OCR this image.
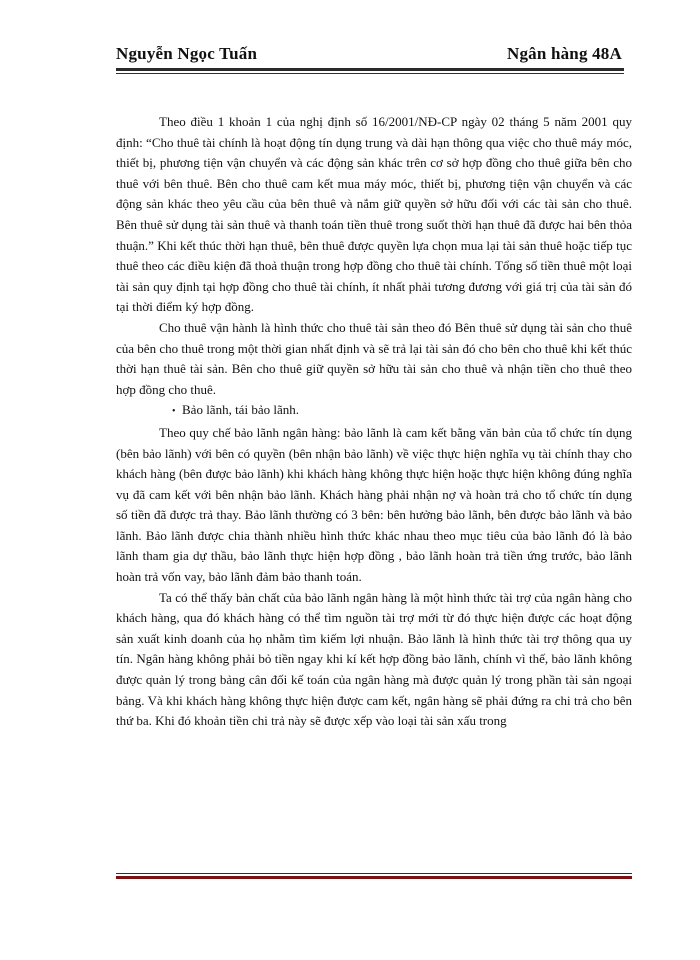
Nguyễn Ngọc Tuấn	Ngân hàng 48A

Theo điều 1 khoản 1 của nghị định số 16/2001/NĐ-CP ngày 02 tháng 5 năm 2001 quy định: “Cho thuê tài chính là hoạt động tín dụng trung và dài hạn thông qua việc cho thuê máy móc, thiết bị, phương tiện vận chuyển và các động sản khác trên cơ sở hợp đồng cho thuê giữa bên cho thuê với bên thuê. Bên cho thuê cam kết mua máy móc, thiết bị, phương tiện vận chuyển và các động sản khác theo yêu cầu của bên thuê và nắm giữ quyền sở hữu đối với các tài sản cho thuê. Bên thuê sử dụng tài sản thuê và thanh toán tiền thuê trong suốt thời hạn thuê đã được hai bên thỏa thuận.” Khi kết thúc thời hạn thuê, bên thuê được quyền lựa chọn mua lại tài sản thuê hoặc tiếp tục thuê theo các điều kiện đã thoả thuận trong hợp đồng cho thuê tài chính. Tổng số tiền thuê một loại tài sản quy định tại hợp đồng cho thuê tài chính, ít nhất phải tương đương với giá trị của tài sản đó tại thời điểm ký hợp đồng.

Cho thuê vận hành là hình thức cho thuê tài sản theo đó Bên thuê sử dụng tài sản cho thuê của bên cho thuê trong một thời gian nhất định và sẽ trả lại tài sản đó cho bên cho thuê khi kết thúc thời hạn thuê tài sản. Bên cho thuê giữ quyền sở hữu tài sản cho thuê và nhận tiền cho thuê theo hợp đồng cho thuê.

• Bảo lãnh, tái bảo lãnh.

Theo quy chế bảo lãnh ngân hàng: bảo lãnh là cam kết bằng văn bản của tổ chức tín dụng (bên bảo lãnh) với bên có quyền (bên nhận bảo lãnh) về việc thực hiện nghĩa vụ tài chính thay cho khách hàng (bên được bảo lãnh) khi khách hàng không thực hiện hoặc thực hiện không đúng nghĩa vụ đã cam kết với bên nhận bảo lãnh. Khách hàng phải nhận nợ và hoàn trả cho tổ chức tín dụng số tiền đã được trả thay. Bảo lãnh thường có 3 bên: bên hưởng bảo lãnh, bên được bảo lãnh và bảo lãnh. Bảo lãnh được chia thành nhiều hình thức khác nhau theo mục tiêu của bảo lãnh đó là bảo lãnh tham gia dự thầu, bảo lãnh thực hiện hợp đồng , bảo lãnh hoàn trả tiền ứng trước, bảo lãnh hoàn trả vốn vay, bảo lãnh đảm bảo thanh toán.

Ta có thể thấy bản chất của bảo lãnh ngân hàng là một hình thức tài trợ của ngân hàng cho khách hàng, qua đó khách hàng có thể tìm nguồn tài trợ mới từ đó thực hiện được các hoạt động sản xuất kinh doanh của họ nhằm tìm kiếm lợi nhuận. Bảo lãnh là hình thức tài trợ thông qua uy tín. Ngân hàng không phải bỏ tiền ngay khi kí kết hợp đồng bảo lãnh, chính vì thế, bảo lãnh không được quản lý trong bảng cân đối kế toán của ngân hàng mà được quản lý trong phần tài sản ngoại bảng. Và khi khách hàng không thực hiện được cam kết, ngân hàng sẽ phải đứng ra chi trả cho bên thứ ba. Khi đó khoản tiền chi trả này sẽ được xếp vào loại tài sản xấu trong
